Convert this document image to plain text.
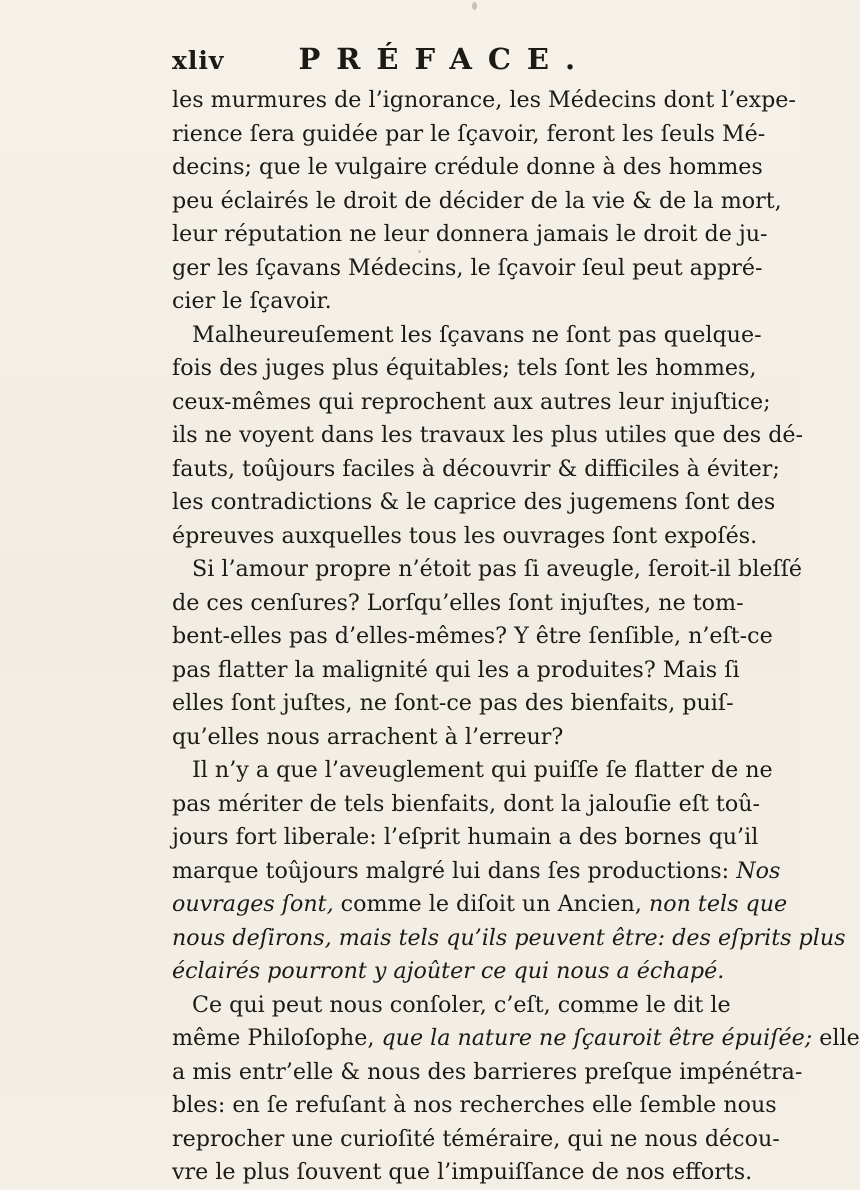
xliv	PRÉFACE.
les murmures de l’ignorance, les Médecins dont l’expe-
rience ſera guidée par le ſçavoir, feront les ſeuls Mé-
decins; que le vulgaire crédule donne à des hommes
peu éclairés le droit de décider de la vie & de la mort,
leur réputation ne leur donnera jamais le droit de ju-
ger les ſçavans Médecins, le ſçavoir ſeul peut appré-
cier le ſçavoir.
Malheureuſement les ſçavans ne ſont pas quelque-
fois des juges plus équitables; tels ſont les hommes,
ceux-mêmes qui reprochent aux autres leur injuſtice;
ils ne voyent dans les travaux les plus utiles que des dé-
fauts, toûjours faciles à découvrir & difficiles à éviter;
les contradictions & le caprice des jugemens ſont des
épreuves auxquelles tous les ouvrages ſont expoſés.
Si l’amour propre n’étoit pas ſi aveugle, ſeroit-il bleſſé
de ces cenſures? Lorſqu’elles ſont injuſtes, ne tom-
bent-elles pas d’elles-mêmes? Y être ſenſible, n’eſt-ce
pas flatter la malignité qui les a produites? Mais ſi
elles ſont juſtes, ne ſont-ce pas des bienfaits, puiſ-
qu’elles nous arrachent à l’erreur?
Il n’y a que l’aveuglement qui puiſſe ſe flatter de ne
pas mériter de tels bienfaits, dont la jalouſie eſt toû-
jours fort liberale: l’eſprit humain a des bornes qu’il
marque toûjours malgré lui dans ſes productions: Nos
ouvrages ſont, comme le diſoit un Ancien, non tels que
nous deſirons, mais tels qu’ils peuvent être: des eſprits plus
éclairés pourront y ajoûter ce qui nous a échapé.
Ce qui peut nous conſoler, c’eſt, comme le dit le
même Philoſophe, que la nature ne ſçauroit être épuiſée; elle
a mis entr’elle & nous des barrieres preſque impénétra-
bles: en ſe refuſant à nos recherches elle ſemble nous
reprocher une curioſité téméraire, qui ne nous décou-
vre le plus ſouvent que l’impuiſſance de nos efforts.
